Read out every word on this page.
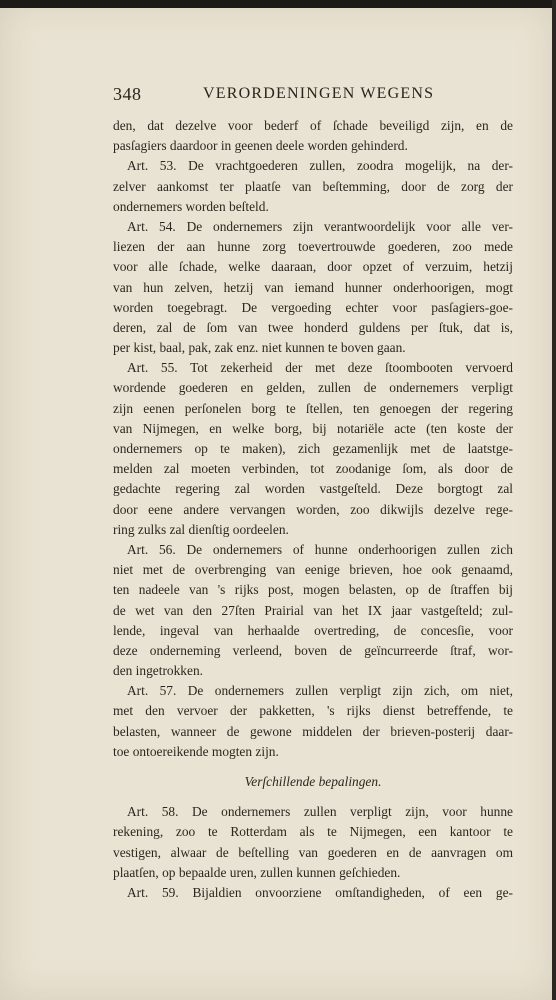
348	VERORDENINGEN WEGENS
den, dat dezelve voor bederf of ſchade beveiligd zijn, en de
pasſagiers daardoor in geenen deele worden gehinderd.
Art. 53. De vrachtgoederen zullen, zoodra mogelijk, na der-
zelver aankomst ter plaatſe van beſtemming, door de zorg der
ondernemers worden beſteld.
Art. 54. De ondernemers zijn verantwoordelijk voor alle ver-
liezen der aan hunne zorg toevertrouwde goederen, zoo mede
voor alle ſchade, welke daaraan, door opzet of verzuim, hetzij
van hun zelven, hetzij van iemand hunner onderhoorigen, mogt
worden toegebragt. De vergoeding echter voor pasſagiers-goe-
deren, zal de ſom van twee honderd guldens per ſtuk, dat is,
per kist, baal, pak, zak enz. niet kunnen te boven gaan.
Art. 55. Tot zekerheid der met deze ſtoombooten vervoerd
wordende goederen en gelden, zullen de ondernemers verpligt
zijn eenen perſonelen borg te ſtellen, ten genoegen der regering
van Nijmegen, en welke borg, bij notariële acte (ten koste der
ondernemers op te maken), zich gezamenlijk met de laatstge-
melden zal moeten verbinden, tot zoodanige ſom, als door de
gedachte regering zal worden vastgeſteld. Deze borgtogt zal
door eene andere vervangen worden, zoo dikwijls dezelve rege-
ring zulks zal dienſtig oordeelen.
Art. 56. De ondernemers of hunne onderhoorigen zullen zich
niet met de overbrenging van eenige brieven, hoe ook genaamd,
ten nadeele van 's rijks post, mogen belasten, op de ſtraffen bij
de wet van den 27ſten Prairial van het IX jaar vastgeſteld; zul-
lende, ingeval van herhaalde overtreding, de concesſie, voor
deze onderneming verleend, boven de geïncurreerde ſtraf, wor-
den ingetrokken.
Art. 57. De ondernemers zullen verpligt zijn zich, om niet,
met den vervoer der pakketten, 's rijks dienst betreffende, te
belasten, wanneer de gewone middelen der brieven-posterij daar-
toe ontoereikende mogten zijn.
Verſchillende bepalingen.
Art. 58. De ondernemers zullen verpligt zijn, voor hunne
rekening, zoo te Rotterdam als te Nijmegen, een kantoor te
vestigen, alwaar de beſtelling van goederen en de aanvragen om
plaatſen, op bepaalde uren, zullen kunnen geſchieden.
Art. 59. Bijaldien onvoorziene omſtandigheden, of een ge-
